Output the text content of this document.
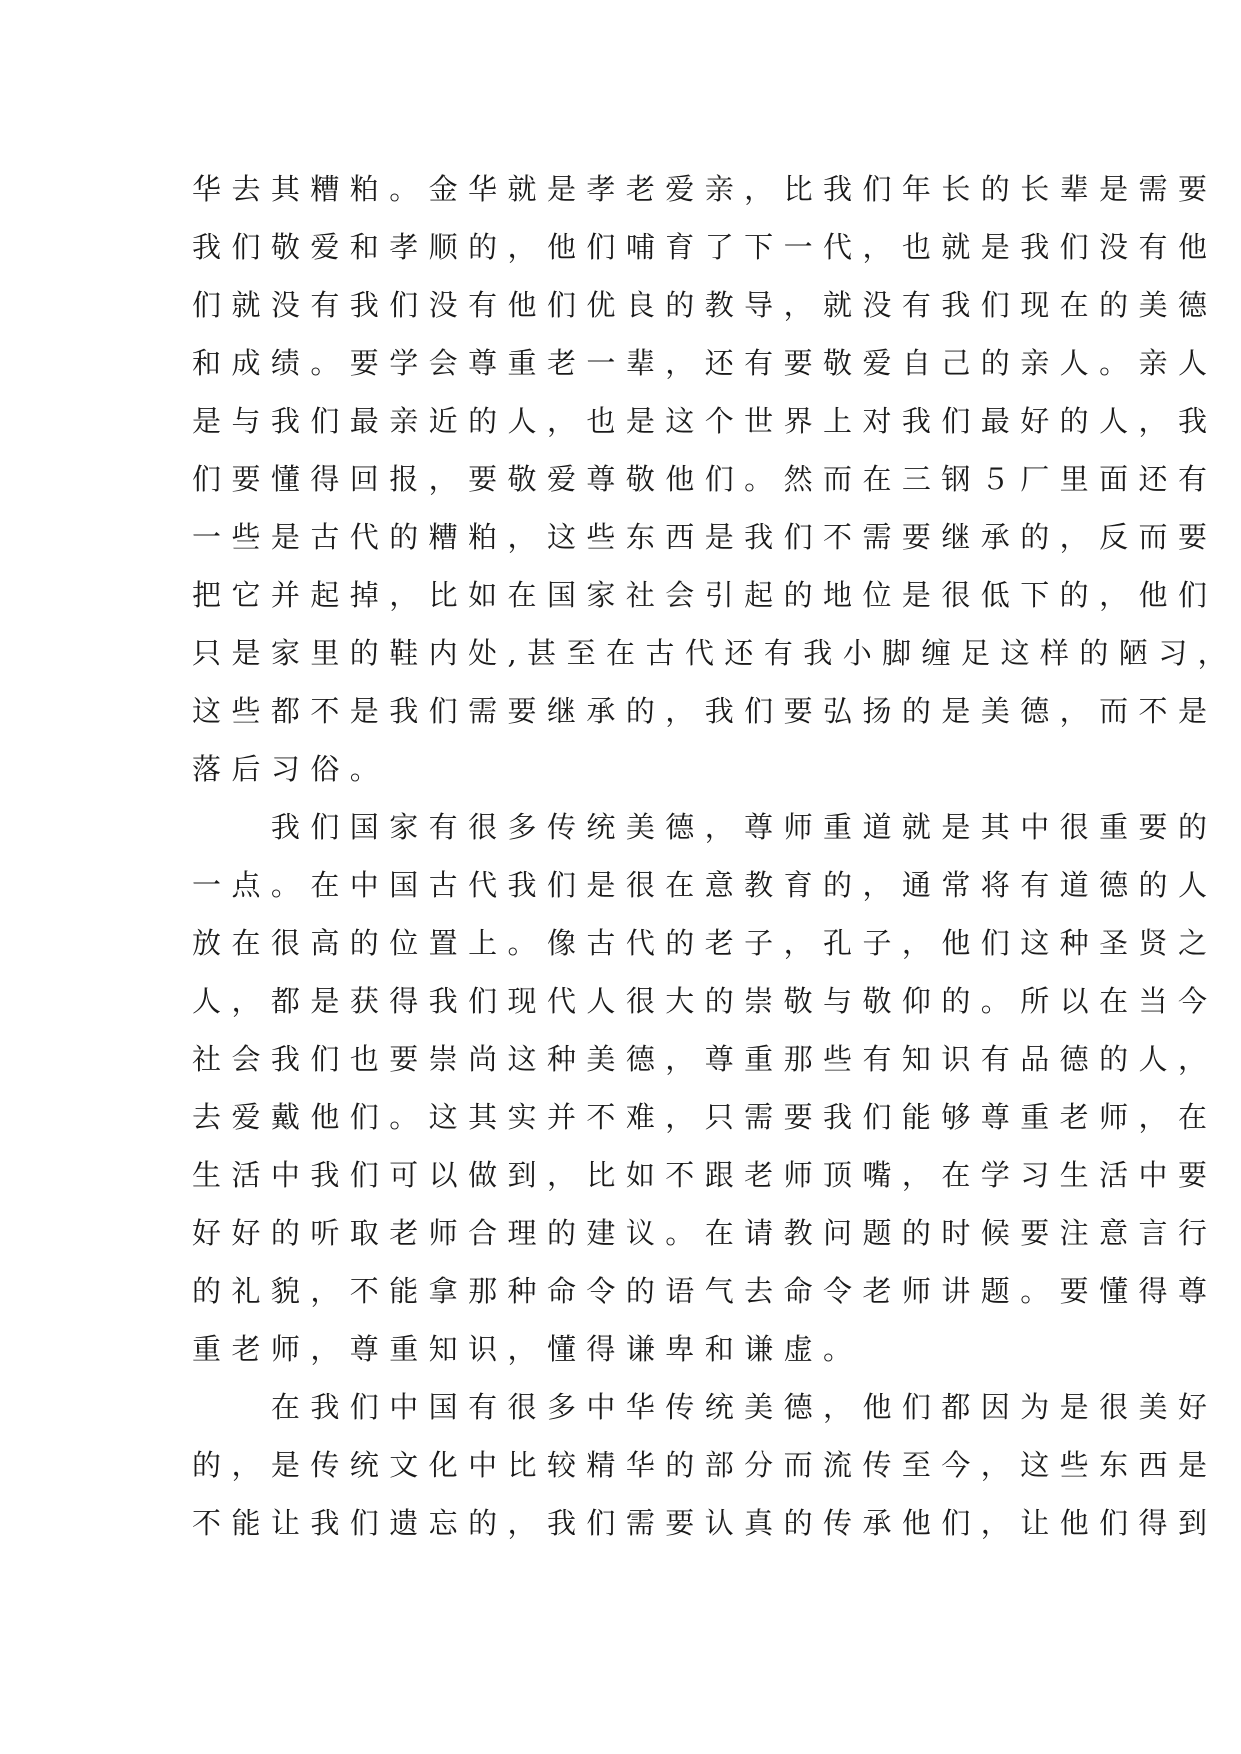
华去其糟粕。金华就是孝老爱亲，比我们年长的长辈是需要
我们敬爱和孝顺的，他们哺育了下一代，也就是我们没有他
们就没有我们没有他们优良的教导，就没有我们现在的美德
和成绩。要学会尊重老一辈，还有要敬爱自己的亲人。亲人
是与我们最亲近的人，也是这个世界上对我们最好的人，我
们要懂得回报，要敬爱尊敬他们。然而在三钢５厂里面还有
一些是古代的糟粕，这些东西是我们不需要继承的，反而要
把它并起掉，比如在国家社会引起的地位是很低下的，他们
只是家里的鞋内处,甚至在古代还有我小脚缠足这样的陋习，
这些都不是我们需要继承的，我们要弘扬的是美德，而不是
落后习俗。
　　我们国家有很多传统美德，尊师重道就是其中很重要的
一点。在中国古代我们是很在意教育的，通常将有道德的人
放在很高的位置上。像古代的老子，孔子，他们这种圣贤之
人，都是获得我们现代人很大的崇敬与敬仰的。所以在当今
社会我们也要崇尚这种美德，尊重那些有知识有品德的人，
去爱戴他们。这其实并不难，只需要我们能够尊重老师，在
生活中我们可以做到，比如不跟老师顶嘴，在学习生活中要
好好的听取老师合理的建议。在请教问题的时候要注意言行
的礼貌，不能拿那种命令的语气去命令老师讲题。要懂得尊
重老师，尊重知识，懂得谦卑和谦虚。
　　在我们中国有很多中华传统美德，他们都因为是很美好
的，是传统文化中比较精华的部分而流传至今，这些东西是
不能让我们遗忘的，我们需要认真的传承他们，让他们得到
